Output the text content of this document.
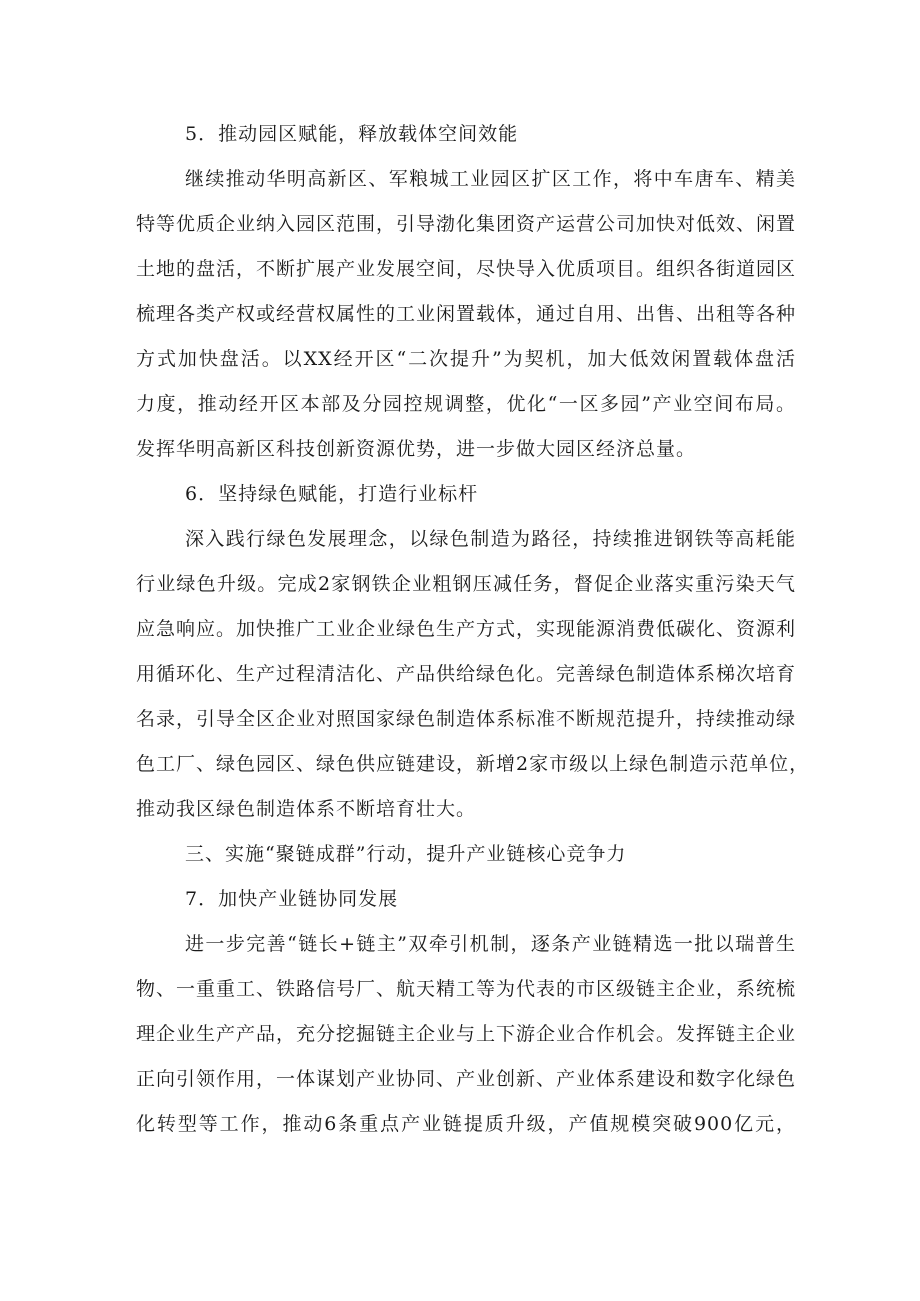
5．推动园区赋能，释放载体空间效能
继续推动华明高新区、军粮城工业园区扩区工作，将中车唐车、精美
特等优质企业纳入园区范围，引导渤化集团资产运营公司加快对低效、闲置
土地的盘活，不断扩展产业发展空间，尽快导入优质项目。组织各街道园区
梳理各类产权或经营权属性的工业闲置载体，通过自用、出售、出租等各种
方式加快盘活。以XX经开区“二次提升”为契机，加大低效闲置载体盘活
力度，推动经开区本部及分园控规调整，优化“一区多园”产业空间布局。
发挥华明高新区科技创新资源优势，进一步做大园区经济总量。
6．坚持绿色赋能，打造行业标杆
深入践行绿色发展理念，以绿色制造为路径，持续推进钢铁等高耗能
行业绿色升级。完成2家钢铁企业粗钢压减任务，督促企业落实重污染天气
应急响应。加快推广工业企业绿色生产方式，实现能源消费低碳化、资源利
用循环化、生产过程清洁化、产品供给绿色化。完善绿色制造体系梯次培育
名录，引导全区企业对照国家绿色制造体系标准不断规范提升，持续推动绿
色工厂、绿色园区、绿色供应链建设，新增2家市级以上绿色制造示范单位，
推动我区绿色制造体系不断培育壮大。
三、实施“聚链成群”行动，提升产业链核心竞争力
7．加快产业链协同发展
进一步完善“链长+链主”双牵引机制，逐条产业链精选一批以瑞普生
物、一重重工、铁路信号厂、航天精工等为代表的市区级链主企业，系统梳
理企业生产产品，充分挖掘链主企业与上下游企业合作机会。发挥链主企业
正向引领作用，一体谋划产业协同、产业创新、产业体系建设和数字化绿色
化转型等工作，推动6条重点产业链提质升级，产值规模突破900亿元，
